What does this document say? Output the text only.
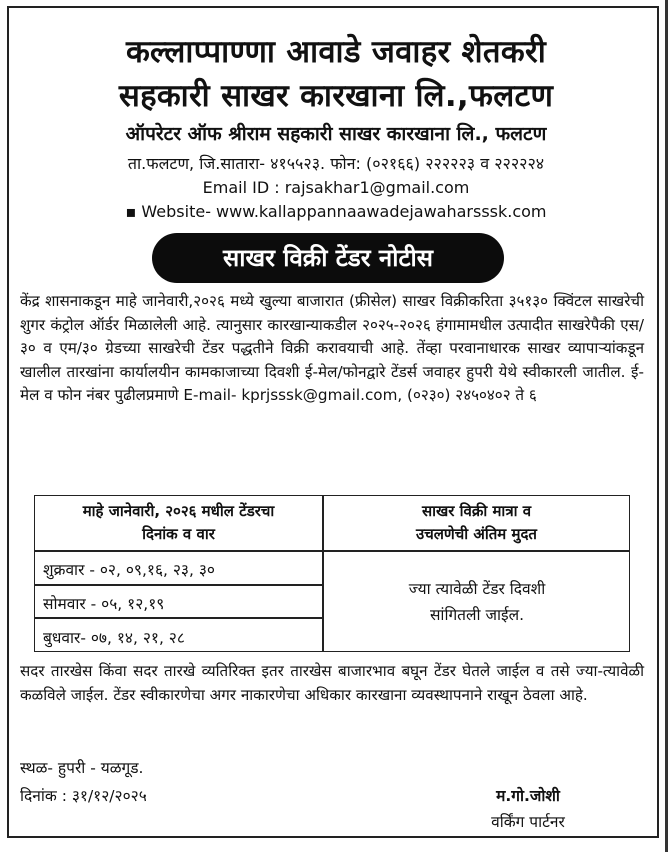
कल्लाप्पाण्णा आवाडे जवाहर शेतकरी
सहकारी साखर कारखाना लि.,फलटण
ऑपरेटर ऑफ श्रीराम सहकारी साखर कारखाना लि., फलटण
ता.फलटण, जि.सातारा- ४१५५२३. फोन: (०२१६६) २२२२२३ व २२२२२४
Email ID : rajsakhar1@gmail.com
▪ Website- www.kallappannaawadejawaharsssk.com
साखर विक्री टेंडर नोटीस
केंद्र शासनाकडून माहे जानेवारी,२०२६ मध्ये खुल्या बाजारात (फ्रीसेल) साखर विक्रीकरिता ३५१३० क्विंटल साखरेची शुगर कंट्रोल ऑर्डर मिळालेली आहे. त्यानुसार कारखान्याकडील २०२५-२०२६ हंगामामधील उत्पादीत साखरेपैकी एस/३० व एम/३० ग्रेडच्या साखरेची टेंडर पद्धतीने विक्री करावयाची आहे. तेंव्हा परवानाधारक साखर व्यापाऱ्यांकडून खालील तारखांना कार्यालयीन कामकाजाच्या दिवशी ई-मेल/फोनद्वारे टेंडर्स जवाहर हुपरी येथे स्वीकारली जातील. ई-मेल व फोन नंबर पुढीलप्रमाणे E-mail- kprjsssk@gmail.com, (०२३०) २४५०४०२ ते ६
माहे जानेवारी, २०२६ मधील टेंडरचा
दिनांक व वार
साखर विक्री मात्रा व
उचलणेची अंतिम मुदत
शुक्रवार - ०२, ०९,१६, २३, ३०
सोमवार - ०५, १२,१९
बुधवार- ०७, १४, २१, २८
ज्या त्यावेळी टेंडर दिवशी
सांगितली जाईल.
सदर तारखेस किंवा सदर तारखे व्यतिरिक्त इतर तारखेस बाजारभाव बघून टेंडर घेतले जाईल व तसे ज्या-त्यावेळी कळविले जाईल. टेंडर स्वीकारणेचा अगर नाकारणेचा अधिकार कारखाना व्यवस्थापनाने राखून ठेवला आहे.
स्थळ- हुपरी - यळगूड.
दिनांक : ३१/१२/२०२५	म.गो.जोशी
वर्किंग पार्टनर
